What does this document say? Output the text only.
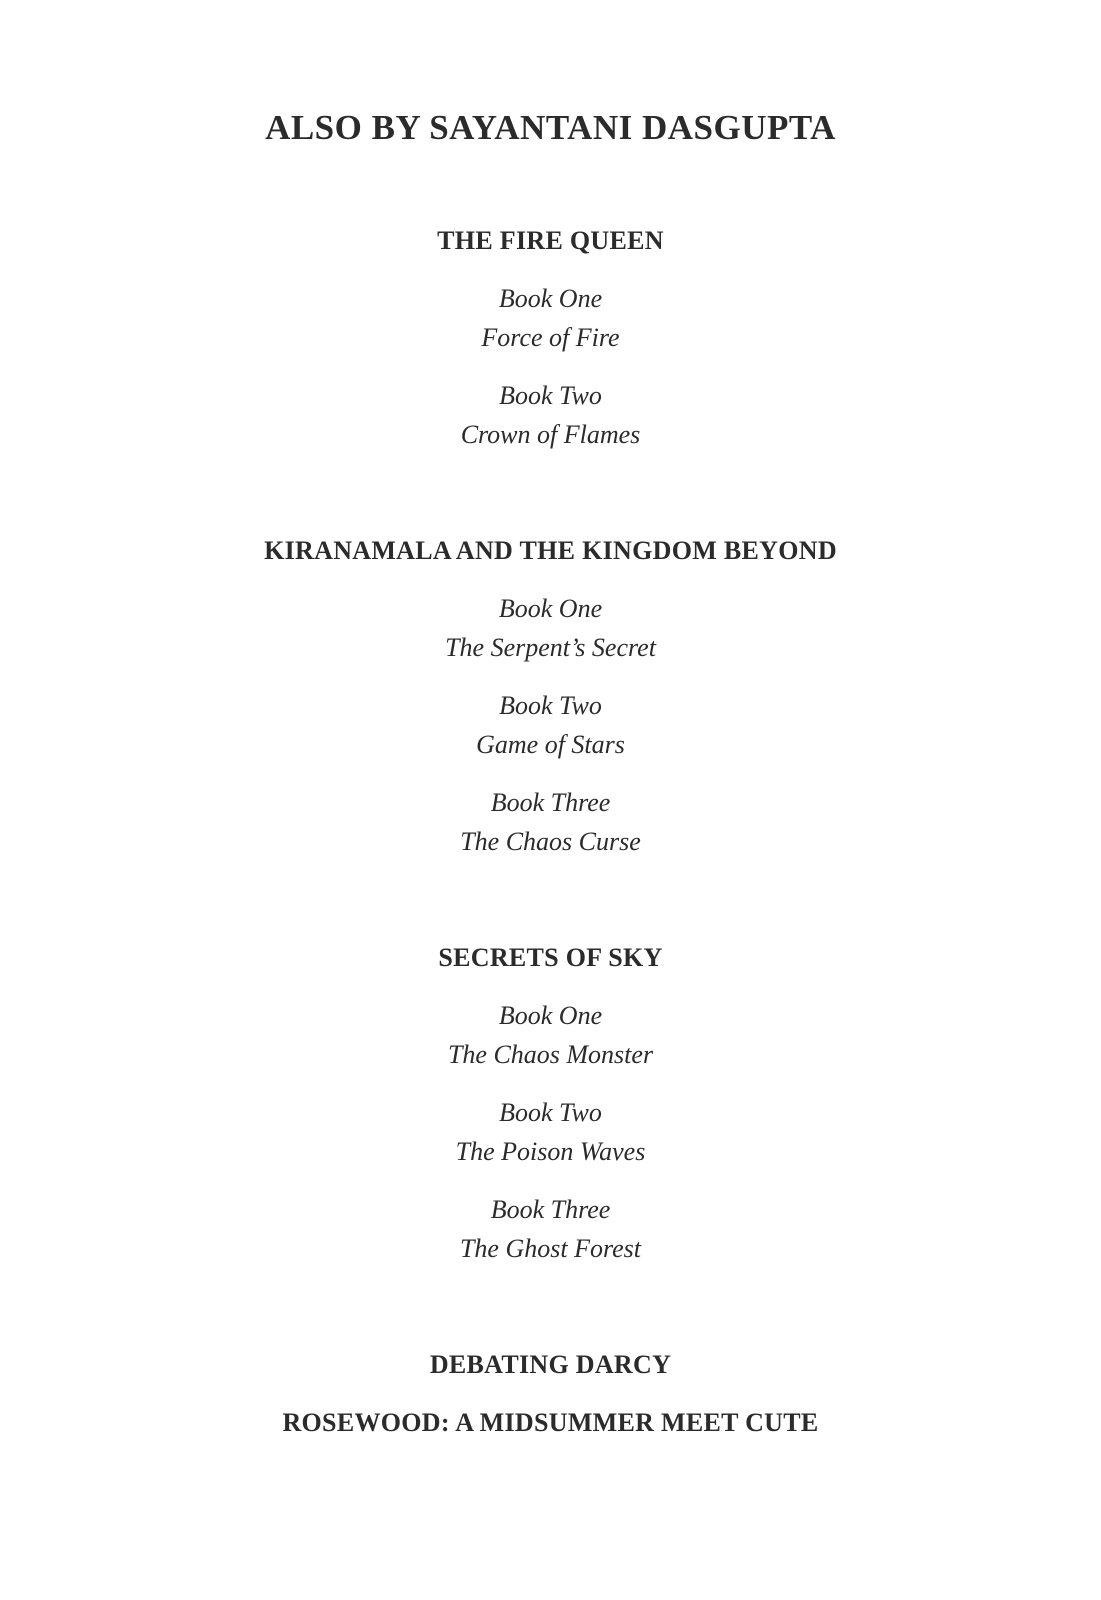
ALSO BY SAYANTANI DASGUPTA
THE FIRE QUEEN

Book One

Force of Fire

Book Two

Crown of Flames

KIRANAMALA AND THE KINGDOM BEYOND

Book One

The Serpent’s Secret

Book Two

Game of Stars

Book Three

The Chaos Curse

SECRETS OF SKY

Book One

The Chaos Monster

Book Two

The Poison Waves

Book Three

The Ghost Forest

DEBATING DARCY
ROSEWOOD: A MIDSUMMER MEET CUTE
